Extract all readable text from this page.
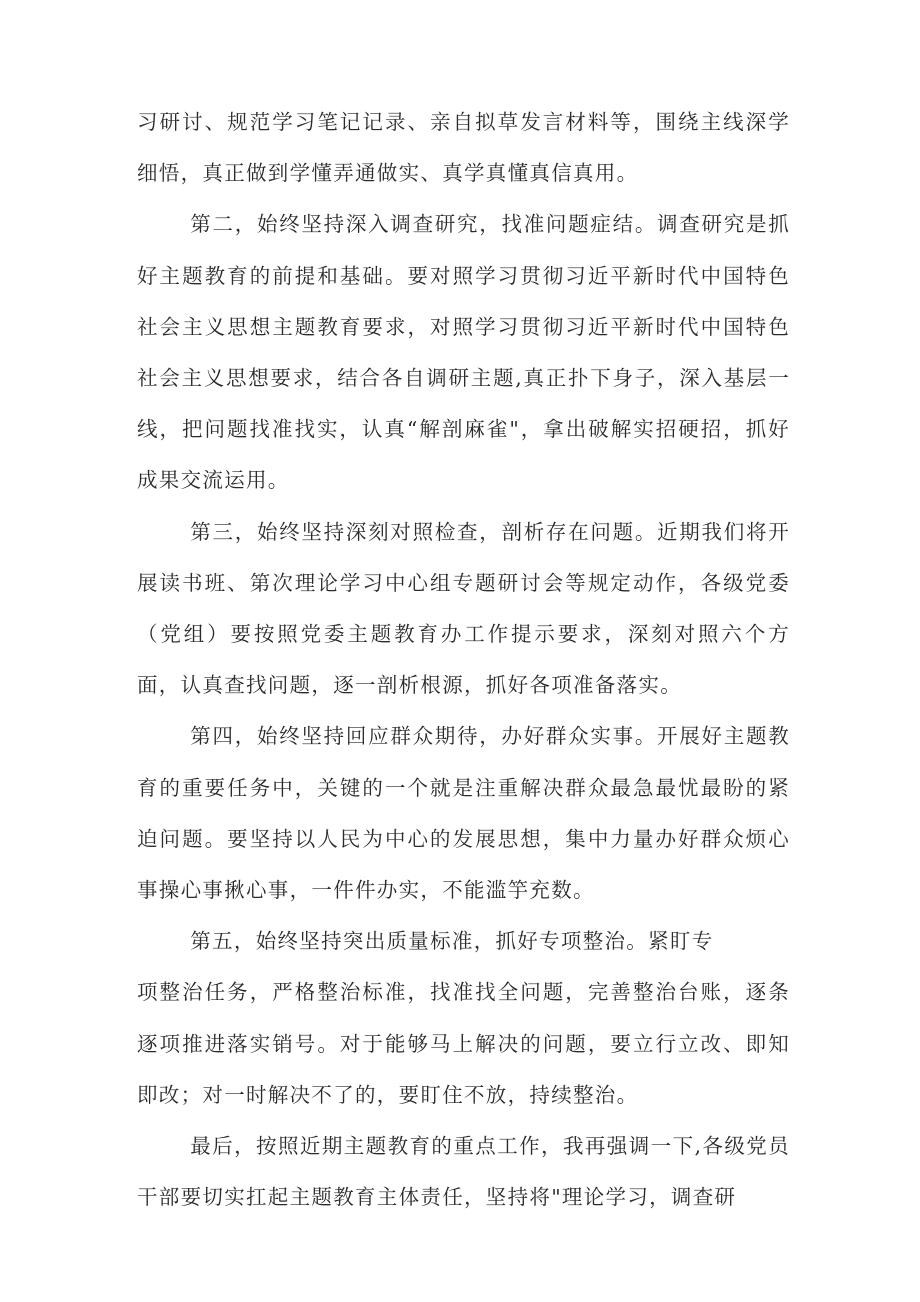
习研讨、规范学习笔记记录、亲自拟草发言材料等，围绕主线深学细悟，真正做到学懂弄通做实、真学真懂真信真用。

第二，始终坚持深入调查研究，找准问题症结。调查研究是抓好主题教育的前提和基础。要对照学习贯彻习近平新时代中国特色社会主义思想主题教育要求，对照学习贯彻习近平新时代中国特色社会主义思想要求，结合各自调研主题,真正扑下身子，深入基层一线，把问题找准找实，认真“解剖麻雀"，拿出破解实招硬招，抓好成果交流运用。

第三，始终坚持深刻对照检查，剖析存在问题。近期我们将开展读书班、第次理论学习中心组专题研讨会等规定动作，各级党委（党组）要按照党委主题教育办工作提示要求，深刻对照六个方面，认真查找问题，逐一剖析根源，抓好各项准备落实。

第四，始终坚持回应群众期待，办好群众实事。开展好主题教育的重要任务中，关键的一个就是注重解决群众最急最忧最盼的紧迫问题。要坚持以人民为中心的发展思想，集中力量办好群众烦心事操心事揪心事，一件件办实，不能滥竽充数。

第五，始终坚持突出质量标准，抓好专项整治。紧盯专
项整治任务，严格整治标准，找准找全问题，完善整治台账，逐条逐项推进落实销号。对于能够马上解决的问题，要立行立改、即知即改；对一时解决不了的，要盯住不放，持续整治。

最后，按照近期主题教育的重点工作，我再强调一下,各级党员干部要切实扛起主题教育主体责任，坚持将"理论学习，调查研
